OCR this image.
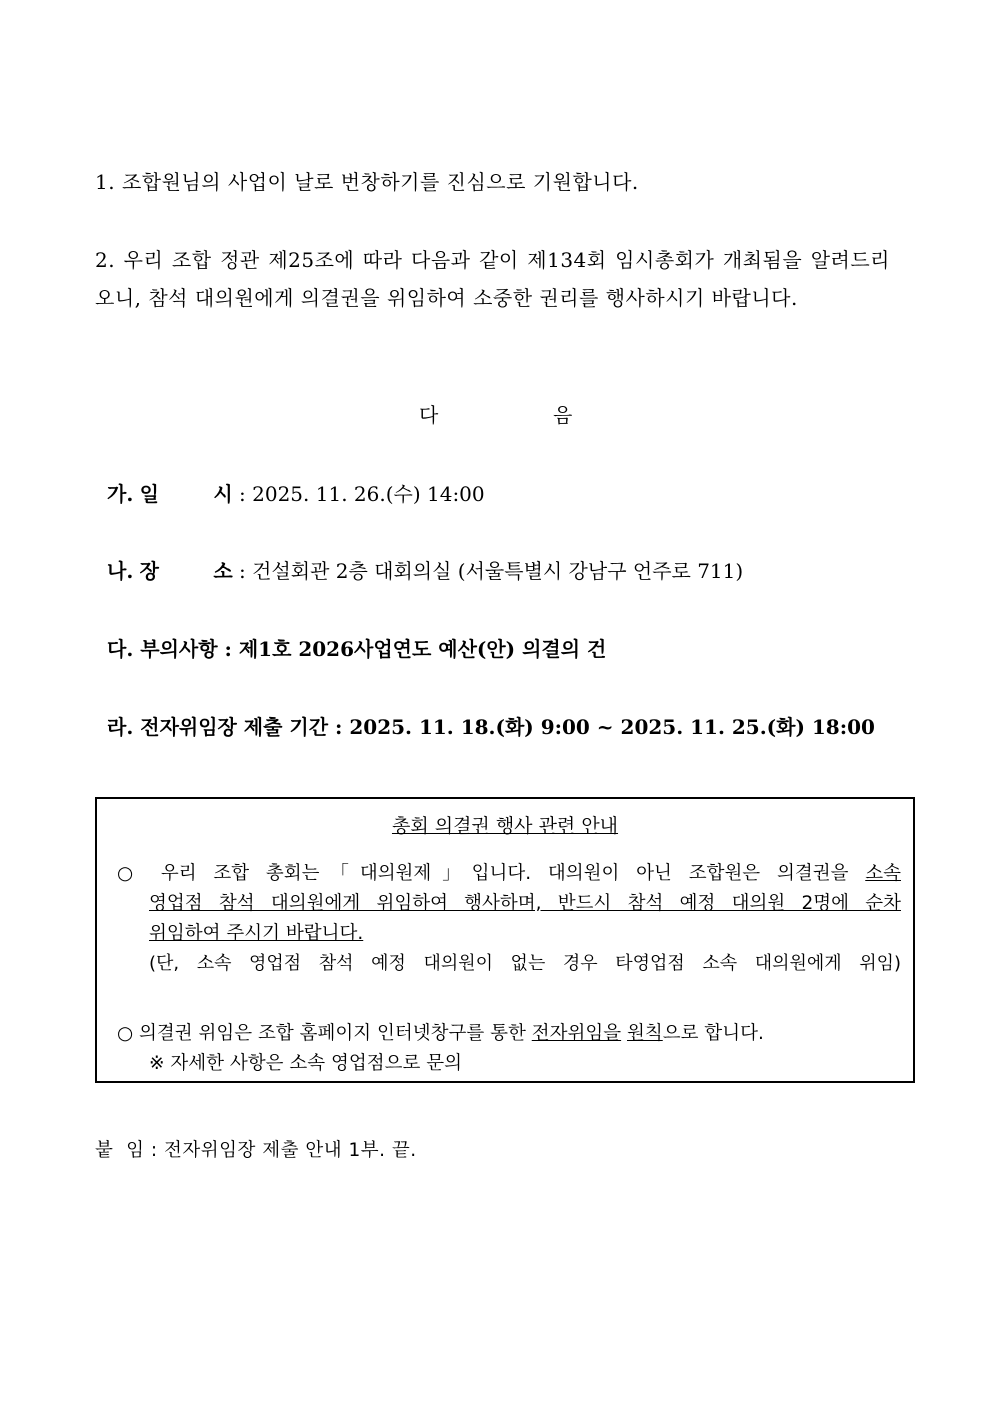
1. 조합원님의 사업이 날로 번창하기를 진심으로 기원합니다.
2. 우리 조합 정관 제25조에 따라 다음과 같이 제134회 임시총회가 개최됨을 알려드리오니, 참석 대의원에게 의결권을 위임하여 소중한 권리를 행사하시기 바랍니다.
다	음
가. 일	시 : 2025. 11. 26.(수) 14:00
나. 장	소 : 건설회관 2층 대회의실 (서울특별시 강남구 언주로 711)
다. 부의사항 : 제1호 2026사업연도 예산(안) 의결의 건
라. 전자위임장 제출 기간 : 2025. 11. 18.(화) 9:00 ~ 2025. 11. 25.(화) 18:00
총회 의결권 행사 관련 안내
○ 우리 조합 총회는「대의원제」입니다. 대의원이 아닌 조합원은 의결권을 소속
영업점 참석 대의원에게 위임하여 행사하며, 반드시 참석 예정 대의원 2명에 순차
위임하여 주시기 바랍니다.
(단, 소속 영업점 참석 예정 대의원이 없는 경우 타영업점 소속 대의원에게 위임)
○ 의결권 위임은 조합 홈페이지 인터넷창구를 통한 전자위임을 원칙으로 합니다.
※ 자세한 사항은 소속 영업점으로 문의
붙  임 : 전자위임장 제출 안내 1부. 끝.
